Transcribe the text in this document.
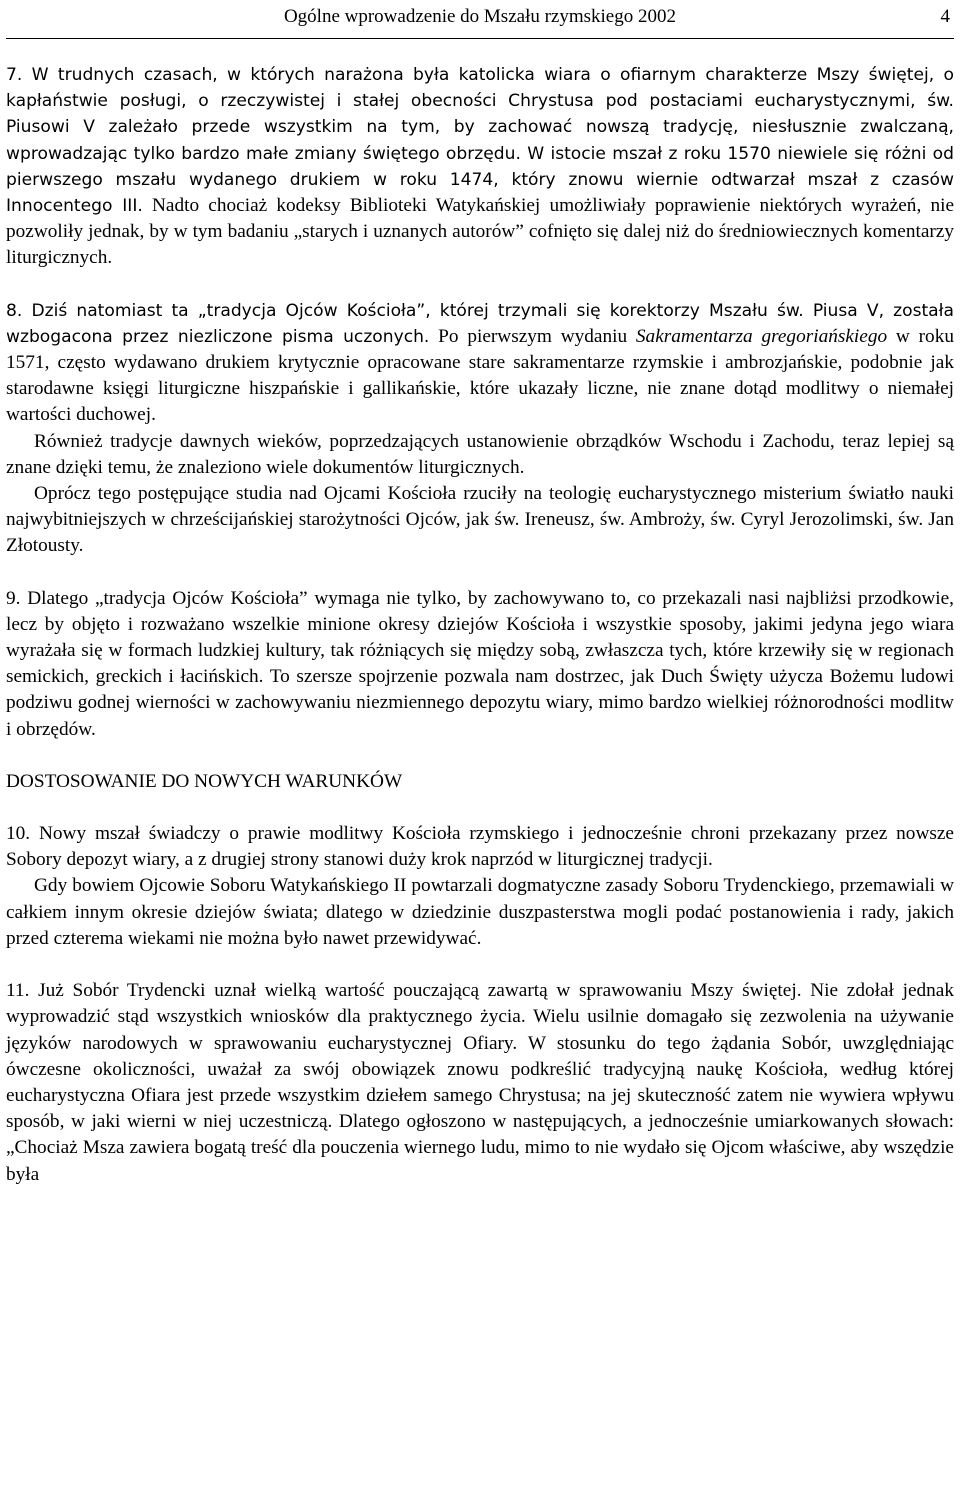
Ogólne wprowadzenie do Mszału rzymskiego 2002	4

7. W trudnych czasach, w których narażona była katolicka wiara o ofiarnym charakterze Mszy świętej, o kapłaństwie posługi, o rzeczywistej i stałej obecności Chrystusa pod postaciami eucharystycznymi, św. Piusowi V zależało przede wszystkim na tym, by zachować nowszą tradycję, niesłusznie zwalczaną, wprowadzając tylko bardzo małe zmiany świętego obrzędu. W istocie mszał z roku 1570 niewiele się różni od pierwszego mszału wydanego drukiem w roku 1474, który znowu wiernie odtwarzał mszał z czasów Innocentego III. Nadto chociaż kodeksy Biblioteki Watykańskiej umożliwiały poprawienie niektórych wyrażeń, nie pozwoliły jednak, by w tym badaniu „starych i uznanych autorów” cofnięto się dalej niż do średniowiecznych komentarzy liturgicznych.

8. Dziś natomiast ta „tradycja Ojców Kościoła”, której trzymali się korektorzy Mszału św. Piusa V, została wzbogacona przez niezliczone pisma uczonych. Po pierwszym wydaniu Sakramentarza gregoriańskiego w roku 1571, często wydawano drukiem krytycznie opracowane stare sakramentarze rzymskie i ambrozjańskie, podobnie jak starodawne księgi liturgiczne hiszpańskie i gallikańskie, które ukazały liczne, nie znane dotąd modlitwy o niemałej wartości duchowej.

Również tradycje dawnych wieków, poprzedzających ustanowienie obrządków Wschodu i Zachodu, teraz lepiej są znane dzięki temu, że znaleziono wiele dokumentów liturgicznych.

Oprócz tego postępujące studia nad Ojcami Kościoła rzuciły na teologię eucharystycznego misterium światło nauki najwybitniejszych w chrześcijańskiej starożytności Ojców, jak św. Ireneusz, św. Ambroży, św. Cyryl Jerozolimski, św. Jan Złotousty.

9. Dlatego „tradycja Ojców Kościoła” wymaga nie tylko, by zachowywano to, co przekazali nasi najbliżsi przodkowie, lecz by objęto i rozważano wszelkie minione okresy dziejów Kościoła i wszystkie sposoby, jakimi jedyna jego wiara wyrażała się w formach ludzkiej kultury, tak różniących się między sobą, zwłaszcza tych, które krzewiły się w regionach semickich, greckich i łacińskich. To szersze spojrzenie pozwala nam dostrzec, jak Duch Święty użycza Bożemu ludowi podziwu godnej wierności w zachowywaniu niezmiennego depozytu wiary, mimo bardzo wielkiej różnorodności modlitw i obrzędów.

DOSTOSOWANIE DO NOWYCH WARUNKÓW

10. Nowy mszał świadczy o prawie modlitwy Kościoła rzymskiego i jednocześnie chroni przekazany przez nowsze Sobory depozyt wiary, a z drugiej strony stanowi duży krok naprzód w liturgicznej tradycji.

Gdy bowiem Ojcowie Soboru Watykańskiego II powtarzali dogmatyczne zasady Soboru Trydenckiego, przemawiali w całkiem innym okresie dziejów świata; dlatego w dziedzinie duszpasterstwa mogli podać postanowienia i rady, jakich przed czterema wiekami nie można było nawet przewidywać.

11. Już Sobór Trydencki uznał wielką wartość pouczającą zawartą w sprawowaniu Mszy świętej. Nie zdołał jednak wyprowadzić stąd wszystkich wniosków dla praktycznego życia. Wielu usilnie domagało się zezwolenia na używanie języków narodowych w sprawowaniu eucharystycznej Ofiary. W stosunku do tego żądania Sobór, uwzględniając ówczesne okoliczności, uważał za swój obowiązek znowu podkreślić tradycyjną naukę Kościoła, według której eucharystyczna Ofiara jest przede wszystkim dziełem samego Chrystusa; na jej skuteczność zatem nie wywiera wpływu sposób, w jaki wierni w niej uczestniczą. Dlatego ogłoszono w następujących, a jednocześnie umiarkowanych słowach: „Chociaż Msza zawiera bogatą treść dla pouczenia wiernego ludu, mimo to nie wydało się Ojcom właściwe, aby wszędzie była
